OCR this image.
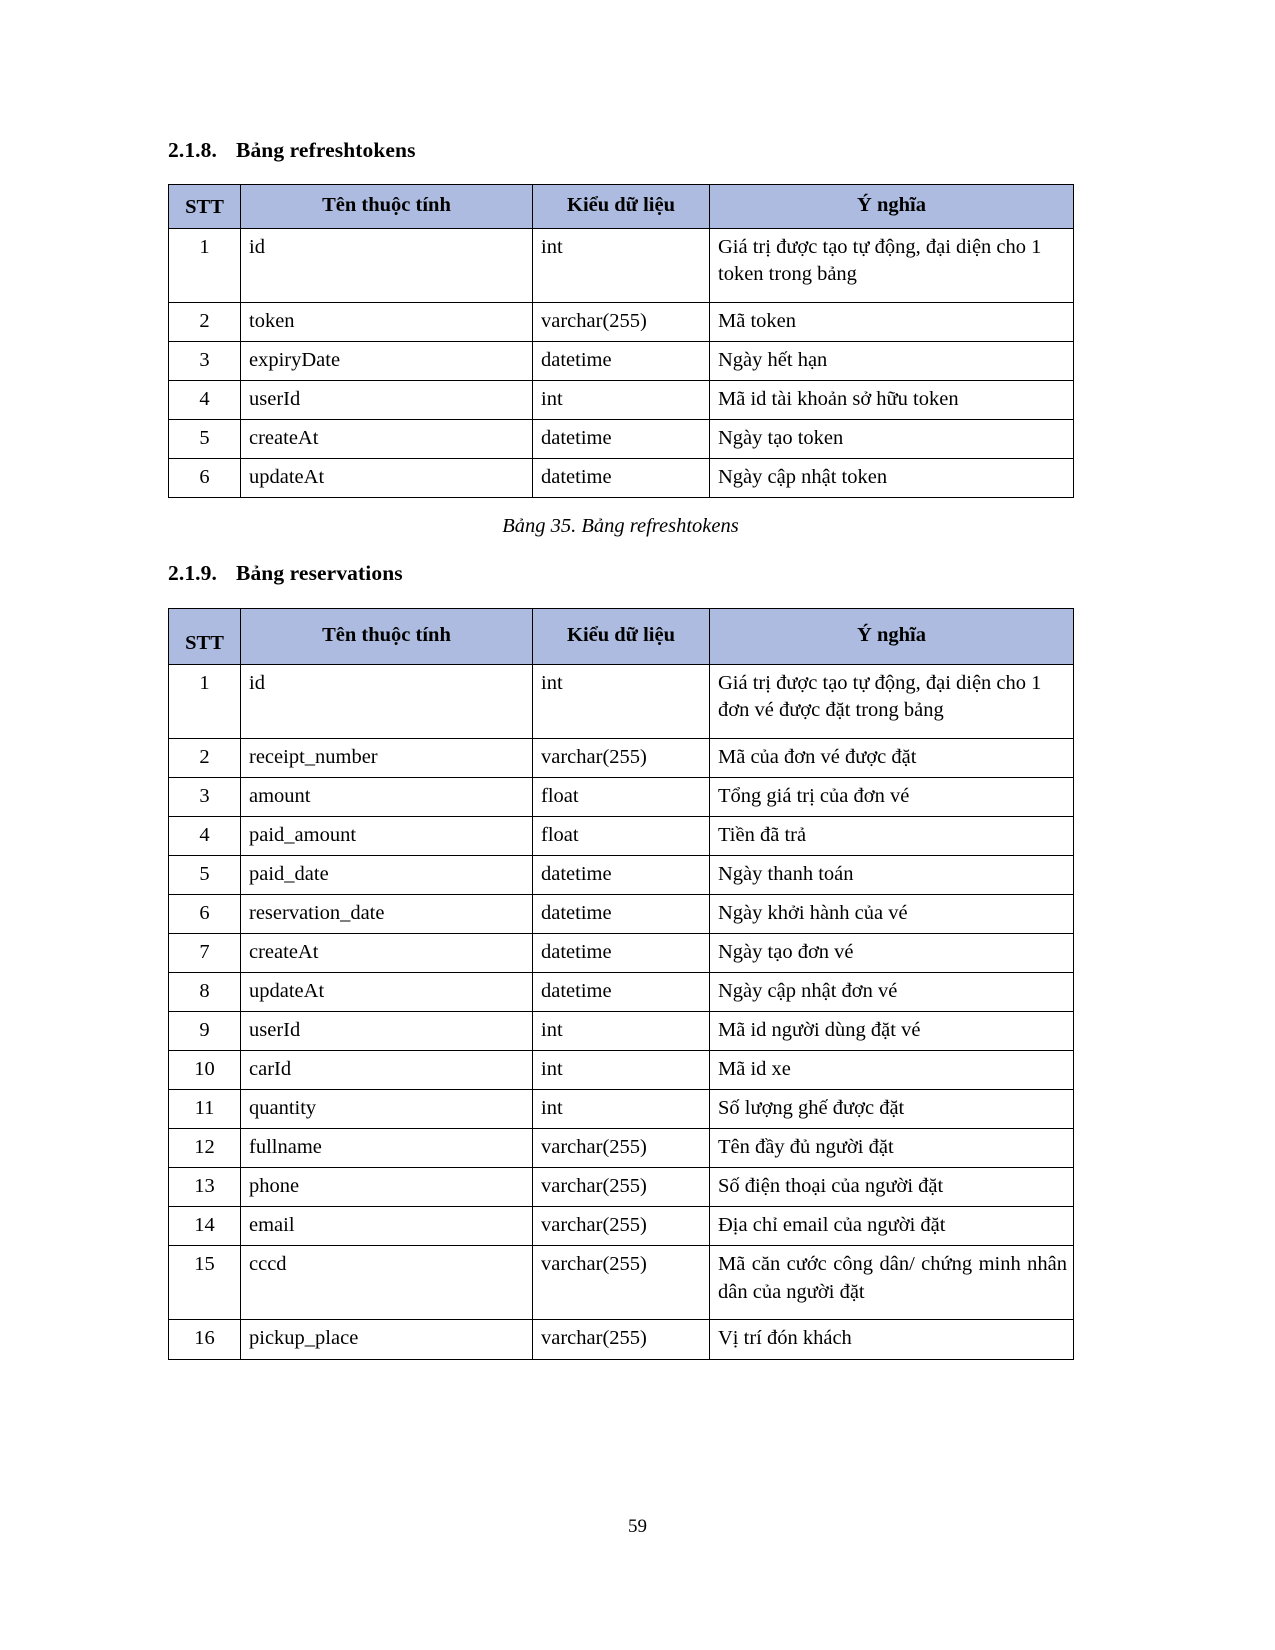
2.1.8. Bảng refreshtokens
STT	Tên thuộc tính	Kiểu dữ liệu	Ý nghĩa
1	id	int	Giá trị được tạo tự động, đại diện cho 1 token trong bảng
2	token	varchar(255)	Mã token
3	expiryDate	datetime	Ngày hết hạn
4	userId	int	Mã id tài khoản sở hữu token
5	createAt	datetime	Ngày tạo token
6	updateAt	datetime	Ngày cập nhật token
Bảng 35. Bảng refreshtokens
2.1.9. Bảng reservations
STT	Tên thuộc tính	Kiểu dữ liệu	Ý nghĩa
1	id	int	Giá trị được tạo tự động, đại diện cho 1 đơn vé được đặt trong bảng
2	receipt_number	varchar(255)	Mã của đơn vé được đặt
3	amount	float	Tổng giá trị của đơn vé
4	paid_amount	float	Tiền đã trả
5	paid_date	datetime	Ngày thanh toán
6	reservation_date	datetime	Ngày khởi hành của vé
7	createAt	datetime	Ngày tạo đơn vé
8	updateAt	datetime	Ngày cập nhật đơn vé
9	userId	int	Mã id người dùng đặt vé
10	carId	int	Mã id xe
11	quantity	int	Số lượng ghế được đặt
12	fullname	varchar(255)	Tên đầy đủ người đặt
13	phone	varchar(255)	Số điện thoại của người đặt
14	email	varchar(255)	Địa chỉ email của người đặt
15	cccd	varchar(255)	Mã căn cước công dân/ chứng minh nhân dân của người đặt
16	pickup_place	varchar(255)	Vị trí đón khách
59
